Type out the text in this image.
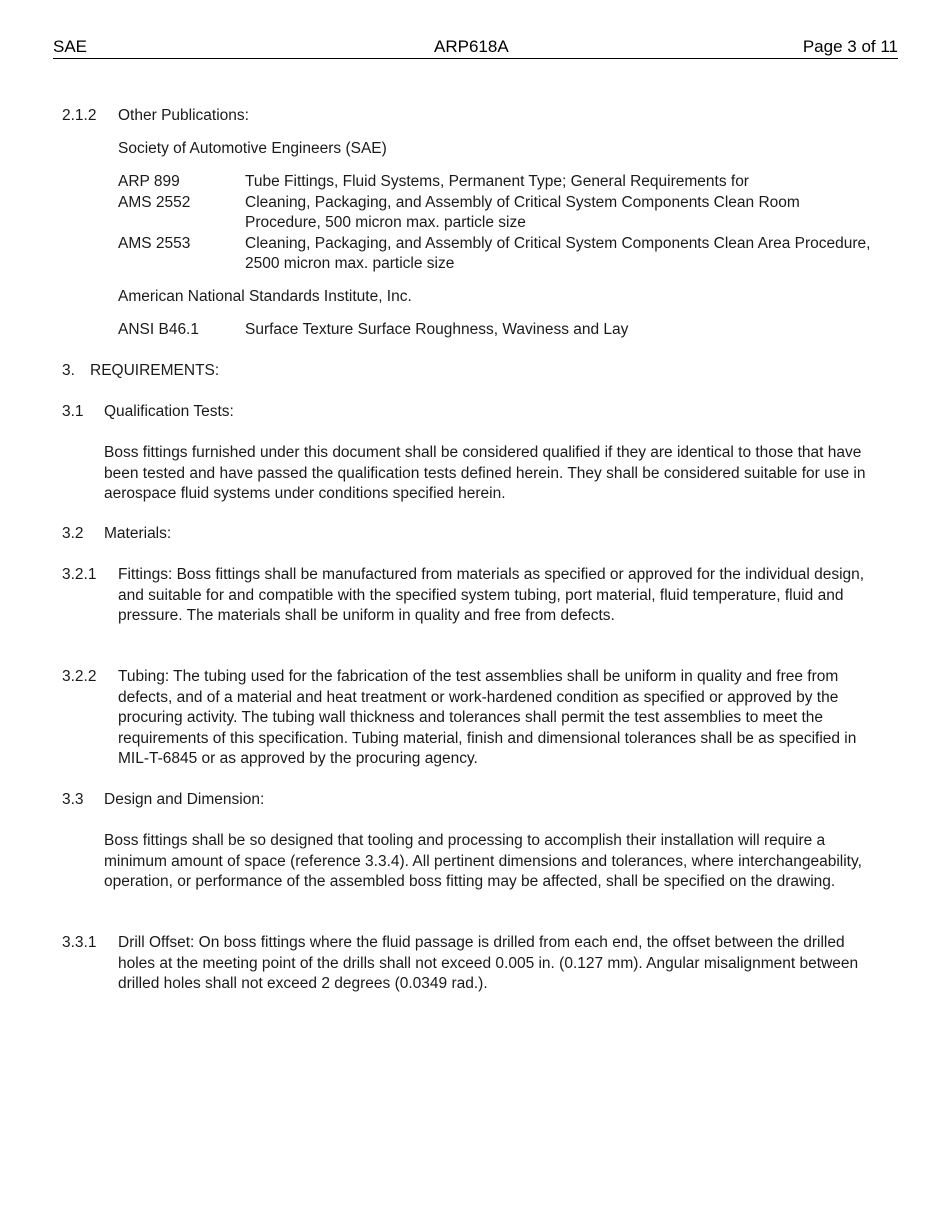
SAE	ARP618A	Page 3 of 11

2.1.2 Other Publications:

Society of Automotive Engineers (SAE)

ARP 899	Tube Fittings, Fluid Systems, Permanent Type; General Requirements for
AMS 2552	Cleaning, Packaging, and Assembly of Critical System Components Clean Room Procedure, 500 micron max. particle size
AMS 2553	Cleaning, Packaging, and Assembly of Critical System Components Clean Area Procedure, 2500 micron max. particle size

American National Standards Institute, Inc.

ANSI B46.1	Surface Texture Surface Roughness, Waviness and Lay

3. REQUIREMENTS:

3.1 Qualification Tests:

Boss fittings furnished under this document shall be considered qualified if they are identical to those that have been tested and have passed the qualification tests defined herein. They shall be considered suitable for use in aerospace fluid systems under conditions specified herein.

3.2 Materials:

3.2.1 Fittings: Boss fittings shall be manufactured from materials as specified or approved for the individual design, and suitable for and compatible with the specified system tubing, port material, fluid temperature, fluid and pressure. The materials shall be uniform in quality and free from defects.

3.2.2 Tubing: The tubing used for the fabrication of the test assemblies shall be uniform in quality and free from defects, and of a material and heat treatment or work-hardened condition as specified or approved by the procuring activity. The tubing wall thickness and tolerances shall permit the test assemblies to meet the requirements of this specification. Tubing material, finish and dimensional tolerances shall be as specified in MIL-T-6845 or as approved by the procuring agency.

3.3 Design and Dimension:

Boss fittings shall be so designed that tooling and processing to accomplish their installation will require a minimum amount of space (reference 3.3.4). All pertinent dimensions and tolerances, where interchangeability, operation, or performance of the assembled boss fitting may be affected, shall be specified on the drawing.

3.3.1 Drill Offset: On boss fittings where the fluid passage is drilled from each end, the offset between the drilled holes at the meeting point of the drills shall not exceed 0.005 in. (0.127 mm). Angular misalignment between drilled holes shall not exceed 2 degrees (0.0349 rad.).
